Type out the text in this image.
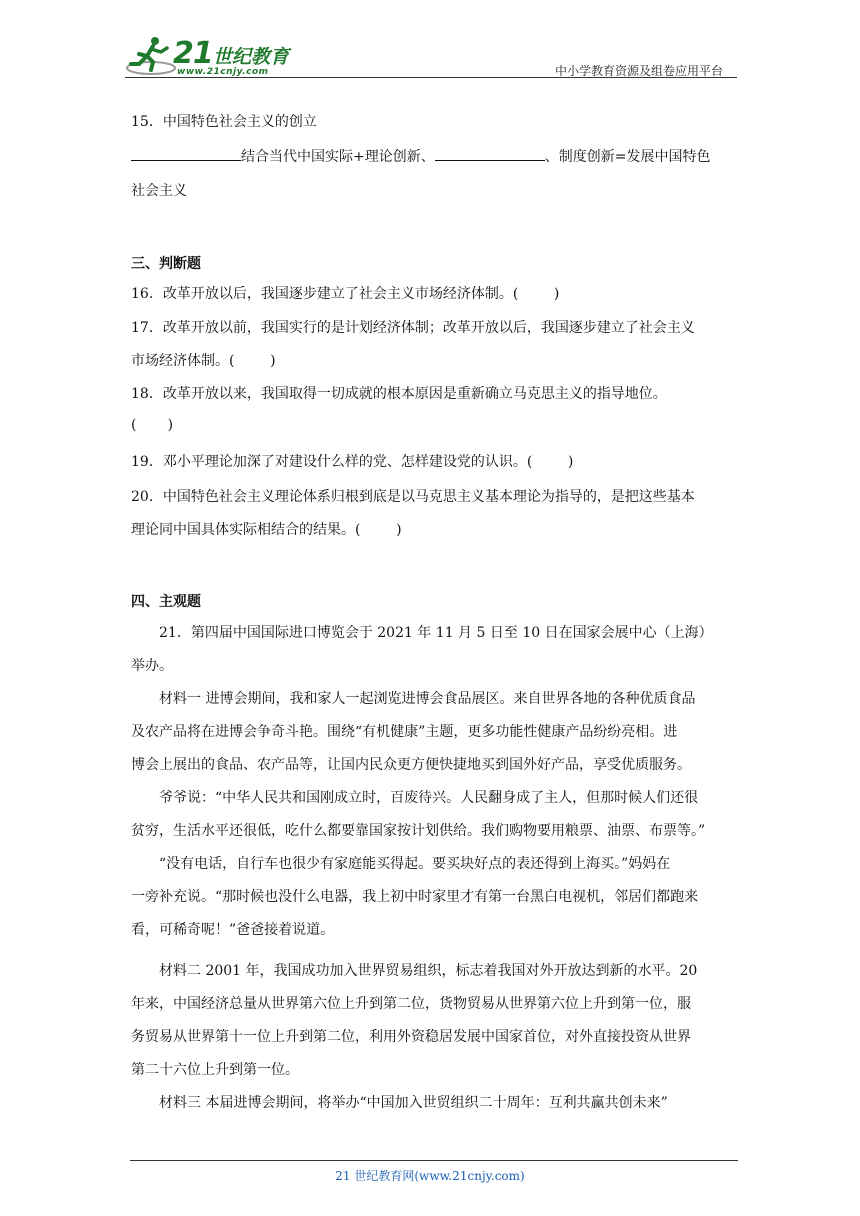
21 世纪教育
www.21cnjy.com	中小学教育资源及组卷应用平台
15．中国特色社会主义的创立
结合当代中国实际+理论创新、	、制度创新=发展中国特色
社会主义
三、判断题
16．改革开放以后，我国逐步建立了社会主义市场经济体制。(	)
17．改革开放以前，我国实行的是计划经济体制；改革开放以后，我国逐步建立了社会主义
市场经济体制。(	)
18．改革开放以来，我国取得一切成就的根本原因是重新确立马克思主义的指导地位。
( )
19．邓小平理论加深了对建设什么样的党、怎样建设党的认识。(	)
20．中国特色社会主义理论体系归根到底是以马克思主义基本理论为指导的，是把这些基本
理论同中国具体实际相结合的结果。(	)
四、主观题
21．第四届中国国际进口博览会于 2021 年 11 月 5 日至 10 日在国家会展中心（上海）
举办。
材料一 进博会期间，我和家人一起浏览进博会食品展区。来自世界各地的各种优质食品
及农产品将在进博会争奇斗艳。围绕“有机健康”主题，更多功能性健康产品纷纷亮相。进
博会上展出的食品、农产品等，让国内民众更方便快捷地买到国外好产品，享受优质服务。
爷爷说：“中华人民共和国刚成立时，百废待兴。人民翻身成了主人，但那时候人们还很
贫穷，生活水平还很低，吃什么都要靠国家按计划供给。我们购物要用粮票、油票、布票等。”
“没有电话，自行车也很少有家庭能买得起。要买块好点的表还得到上海买。”妈妈在
一旁补充说。“那时候也没什么电器，我上初中时家里才有第一台黑白电视机，邻居们都跑来
看，可稀奇呢！”爸爸接着说道。
材料二 2001 年，我国成功加入世界贸易组织，标志着我国对外开放达到新的水平。20
年来，中国经济总量从世界第六位上升到第二位，货物贸易从世界第六位上升到第一位，服
务贸易从世界第十一位上升到第二位，利用外资稳居发展中国家首位，对外直接投资从世界
第二十六位上升到第一位。
材料三 本届进博会期间，将举办“中国加入世贸组织二十周年：互利共赢共创未来”
21 世纪教育网(www.21cnjy.com)
